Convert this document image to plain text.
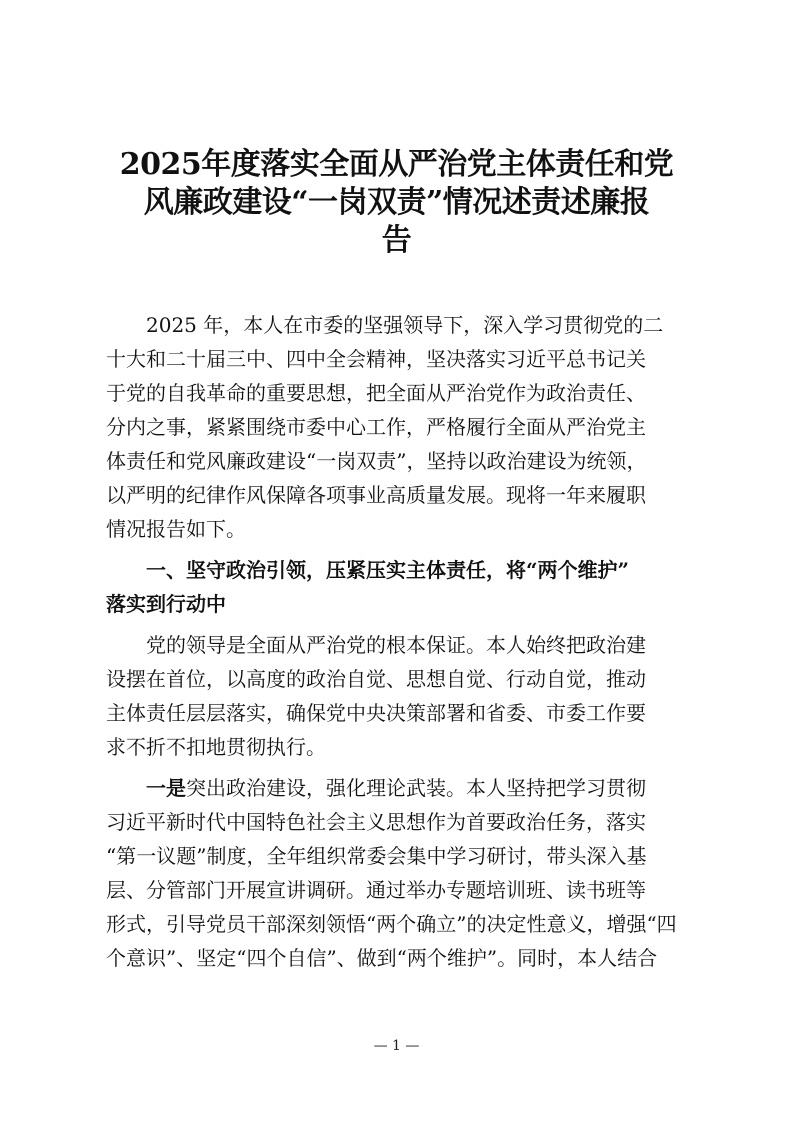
2025年度落实全面从严治党主体责任和党
风廉政建设“一岗双责”情况述责述廉报
告
2025 年，本人在市委的坚强领导下，深入学习贯彻党的二
十大和二十届三中、四中全会精神，坚决落实习近平总书记关
于党的自我革命的重要思想，把全面从严治党作为政治责任、
分内之事，紧紧围绕市委中心工作，严格履行全面从严治党主
体责任和党风廉政建设“一岗双责”，坚持以政治建设为统领，
以严明的纪律作风保障各项事业高质量发展。现将一年来履职
情况报告如下。
一、坚守政治引领，压紧压实主体责任，将“两个维护”
落实到行动中
党的领导是全面从严治党的根本保证。本人始终把政治建
设摆在首位，以高度的政治自觉、思想自觉、行动自觉，推动
主体责任层层落实，确保党中央决策部署和省委、市委工作要
求不折不扣地贯彻执行。
一是突出政治建设，强化理论武装。本人坚持把学习贯彻
习近平新时代中国特色社会主义思想作为首要政治任务，落实
“第一议题”制度，全年组织常委会集中学习研讨，带头深入基
层、分管部门开展宣讲调研。通过举办专题培训班、读书班等
形式，引导党员干部深刻领悟“两个确立”的决定性意义，增强“四
个意识”、坚定“四个自信”、做到“两个维护”。同时，本人结合
— 1 —
